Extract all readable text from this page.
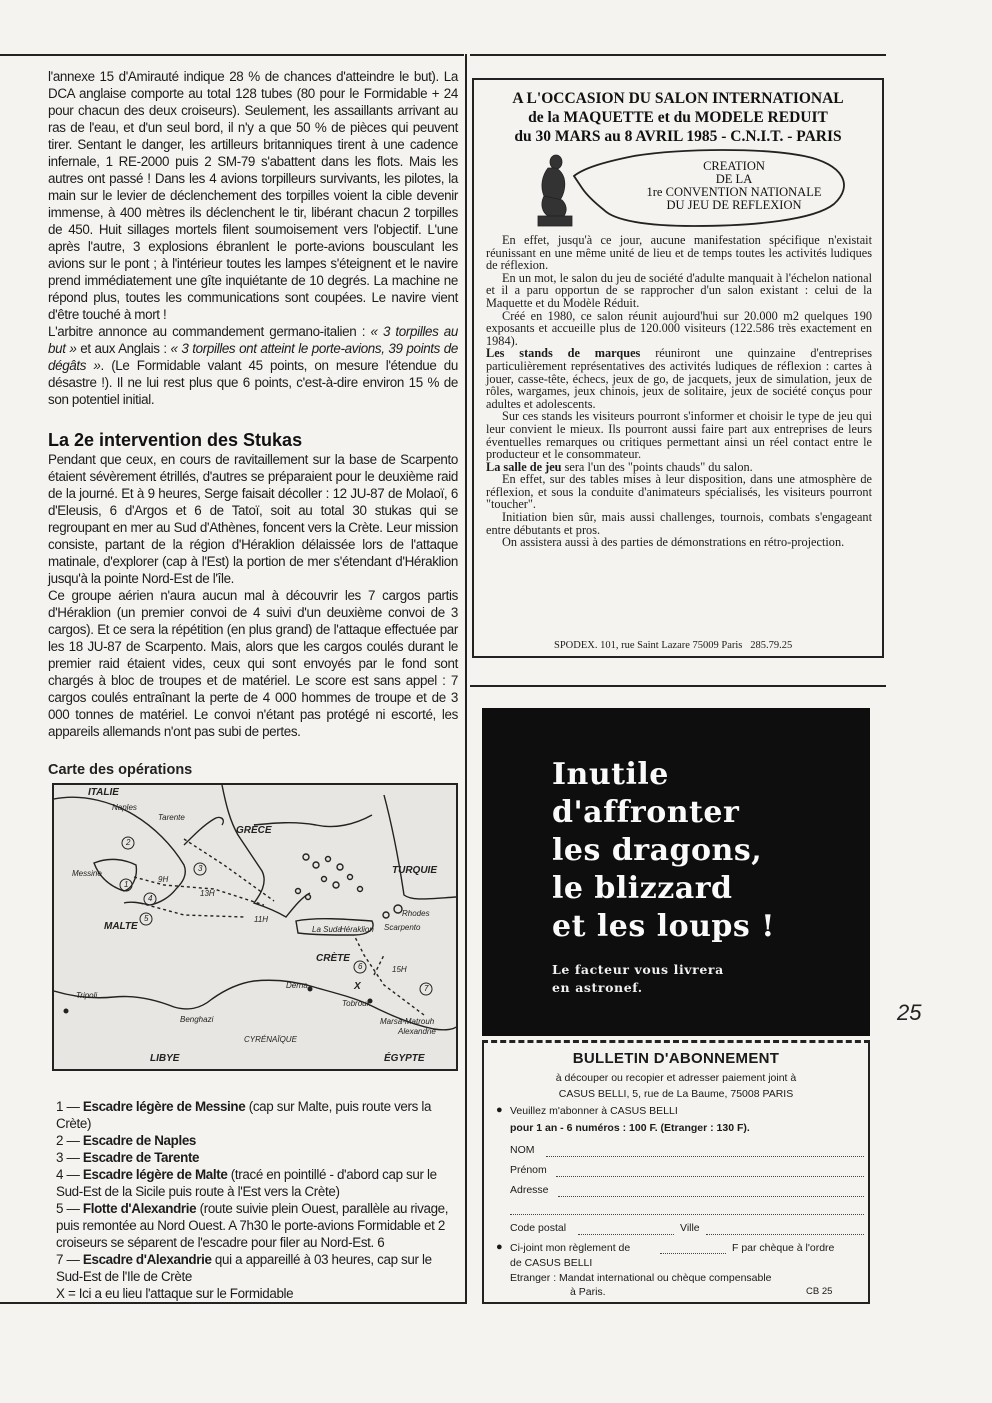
l'annexe 15 d'Amirauté indique 28 % de chances d'atteindre le but). La DCA anglaise comporte au total 128 tubes (80 pour le Formidable + 24 pour chacun des deux croiseurs). Seulement, les assaillants arrivant au ras de l'eau, et d'un seul bord, il n'y a que 50 % de pièces qui peuvent tirer. Sentant le danger, les artilleurs britanniques tirent à une cadence infernale, 1 RE-2000 puis 2 SM-79 s'abattent dans les flots. Mais les autres ont passé ! Dans les 4 avions torpilleurs survivants, les pilotes, la main sur le levier de déclenchement des torpilles voient la cible devenir immense, à 400 mètres ils déclenchent le tir, libérant chacun 2 torpilles de 450. Huit sillages mortels filent soumoisement vers l'objectif. L'une après l'autre, 3 explosions ébranlent le porte-avions bousculant les avions sur le pont ; à l'intérieur toutes les lampes s'éteignent et le navire prend immédiatement une gîte inquiétante de 10 degrés. La machine ne répond plus, toutes les communications sont coupées. Le navire vient d'être touché à mort !

L'arbitre annonce au commandement germano-italien : « 3 torpilles au but » et aux Anglais : « 3 torpilles ont atteint le porte-avions, 39 points de dégâts ». (Le Formidable valant 45 points, on mesure l'étendue du désastre !). Il ne lui rest plus que 6 points, c'est-à-dire environ 15 % de son potentiel initial.

La 2e intervention des Stukas

Pendant que ceux, en cours de ravitaillement sur la base de Scarpento étaient sévèrement étrillés, d'autres se préparaient pour le deuxième raid de la journé. Et à 9 heures, Serge faisait décoller : 12 JU-87 de Molaoï, 6 d'Eleusis, 6 d'Argos et 6 de Tatoï, soit au total 30 stukas qui se regroupant en mer au Sud d'Athènes, foncent vers la Crète. Leur mission consiste, partant de la région d'Héraklion délaissée lors de l'attaque matinale, d'explorer (cap à l'Est) la portion de mer s'étendant d'Héraklion jusqu'à la pointe Nord-Est de l'île.

Ce groupe aérien n'aura aucun mal à découvrir les 7 cargos partis d'Héraklion (un premier convoi de 4 suivi d'un deuxième convoi de 3 cargos). Et ce sera la répétition (en plus grand) de l'attaque effectuée par les 18 JU-87 de Scarpento. Mais, alors que les cargos coulés durant le premier raid étaient vides, ceux qui sont envoyés par le fond sont chargés à bloc de troupes et de matériel. Le score est sans appel : 7 cargos coulés entraînant la perte de 4 000 hommes de troupe et de 3 000 tonnes de matériel. Le convoi n'étant pas protégé ni escorté, les appareils allemands n'ont pas subi de pertes.

Carte des opérations
ITALIE
Naples
Tarente
GRÈCE
TURQUIE
Messine
MALTE
Rhodes
Scarpento
CRÈTE
La Suda
Héraklion
Tripoli
Derna
Benghazi
Tobrouk
Marsa-Matrouh
Alexandrie
CYRÉNAÏQUE
LIBYE	ÉGYPTE
X
9H
13H
11H
15H
1
2
3
4
5
6
7

1 — Escadre légère de Messine (cap sur Malte, puis route vers la Crète)

2 — Escadre de Naples

3 — Escadre de Tarente

4 — Escadre légère de Malte (tracé en pointillé - d'abord cap sur le Sud-Est de la Sicile puis route à l'Est vers la Crète)

5 — Flotte d'Alexandrie (route suivie plein Ouest, parallèle au rivage, puis remontée au Nord Ouest. A 7h30 le porte-avions Formidable et 2 croiseurs se séparent de l'escadre pour filer au Nord-Est. 6

7 — Escadre d'Alexandrie qui a appareillé à 03 heures, cap sur le Sud-Est de l'Ile de Crète

X = Ici a eu lieu l'attaque sur le Formidable

A L'OCCASION DU SALON INTERNATIONAL

de la MAQUETTE et du MODELE REDUIT

du 30 MARS au 8 AVRIL 1985 - C.N.I.T. - PARIS

CREATION
DE LA
1re CONVENTION NATIONALE
DU JEU DE REFLEXION

En effet, jusqu'à ce jour, aucune manifestation spécifique n'existait réunissant en une même unité de lieu et de temps toutes les activités ludiques de réflexion.

En un mot, le salon du jeu de société d'adulte manquait à l'échelon national et il a paru opportun de se rapprocher d'un salon existant : celui de la Maquette et du Modèle Réduit.

Créé en 1980, ce salon réunit aujourd'hui sur 20.000 m2 quelques 190 exposants et accueille plus de 120.000 visiteurs (122.586 très exactement en 1984).

Les stands de marques réuniront une quinzaine d'entreprises particulièrement représentatives des activités ludiques de réflexion : cartes à jouer, casse-tête, échecs, jeux de go, de jacquets, jeux de simulation, jeux de rôles, wargames, jeux chinois, jeux de solitaire, jeux de société conçus pour adultes et adolescents.

Sur ces stands les visiteurs pourront s'informer et choisir le type de jeu qui leur convient le mieux. Ils pourront aussi faire part aux entreprises de leurs éventuelles remarques ou critiques permettant ainsi un réel contact entre le producteur et le consommateur.

La salle de jeu sera l'un des "points chauds" du salon.

En effet, sur des tables mises à leur disposition, dans une atmosphère de réflexion, et sous la conduite d'animateurs spécialisés, les visiteurs pourront "toucher".

Initiation bien sûr, mais aussi challenges, tournois, combats s'engageant entre débutants et pros.

On assistera aussi à des parties de démonstrations en rétro-projection.

SPODEX. 101, rue Saint Lazare 75009 Paris   285.79.25

Inutile
d'affronter
les dragons,
le blizzard
et les loups !
Le facteur vous livrera
en astronef.
25

BULLETIN D'ABONNEMENT

à découper ou recopier et adresser paiement joint à

CASUS BELLI, 5, rue de La Baume, 75008 PARIS

● Veuillez m'abonner à CASUS BELLI

pour 1 an - 6 numéros : 100 F. (Etranger : 130 F).

NOM

Prénom

Adresse

Code postal	Ville

● Ci-joint mon règlement de	F par chèque à l'ordre

de CASUS BELLI

Etranger : Mandat international ou chèque compensable

à Paris.	CB 25
